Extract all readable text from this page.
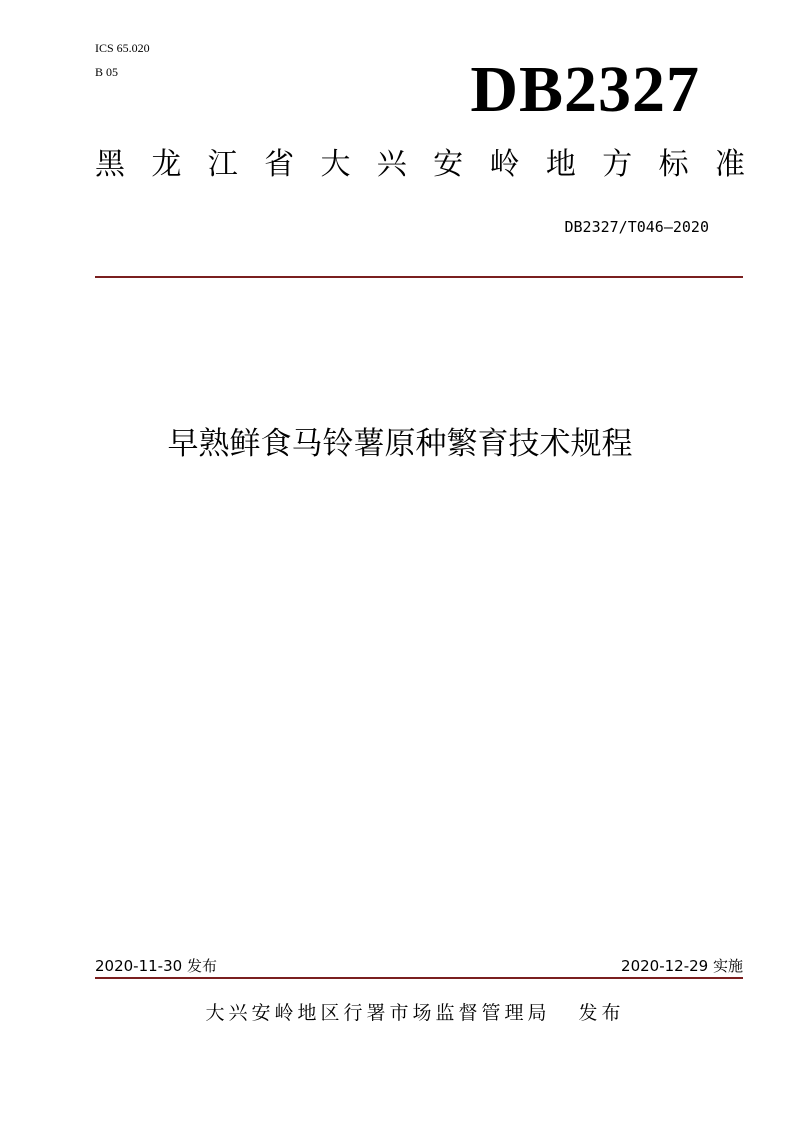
ICS 65.020
B 05	DB2327
黑 龙 江 省 大 兴 安 岭 地 方 标 准
DB2327/T046—2020
早熟鲜食马铃薯原种繁育技术规程
2020-11-30 发布	2020-12-29 实施
大兴安岭地区行署市场监督管理局 发布
